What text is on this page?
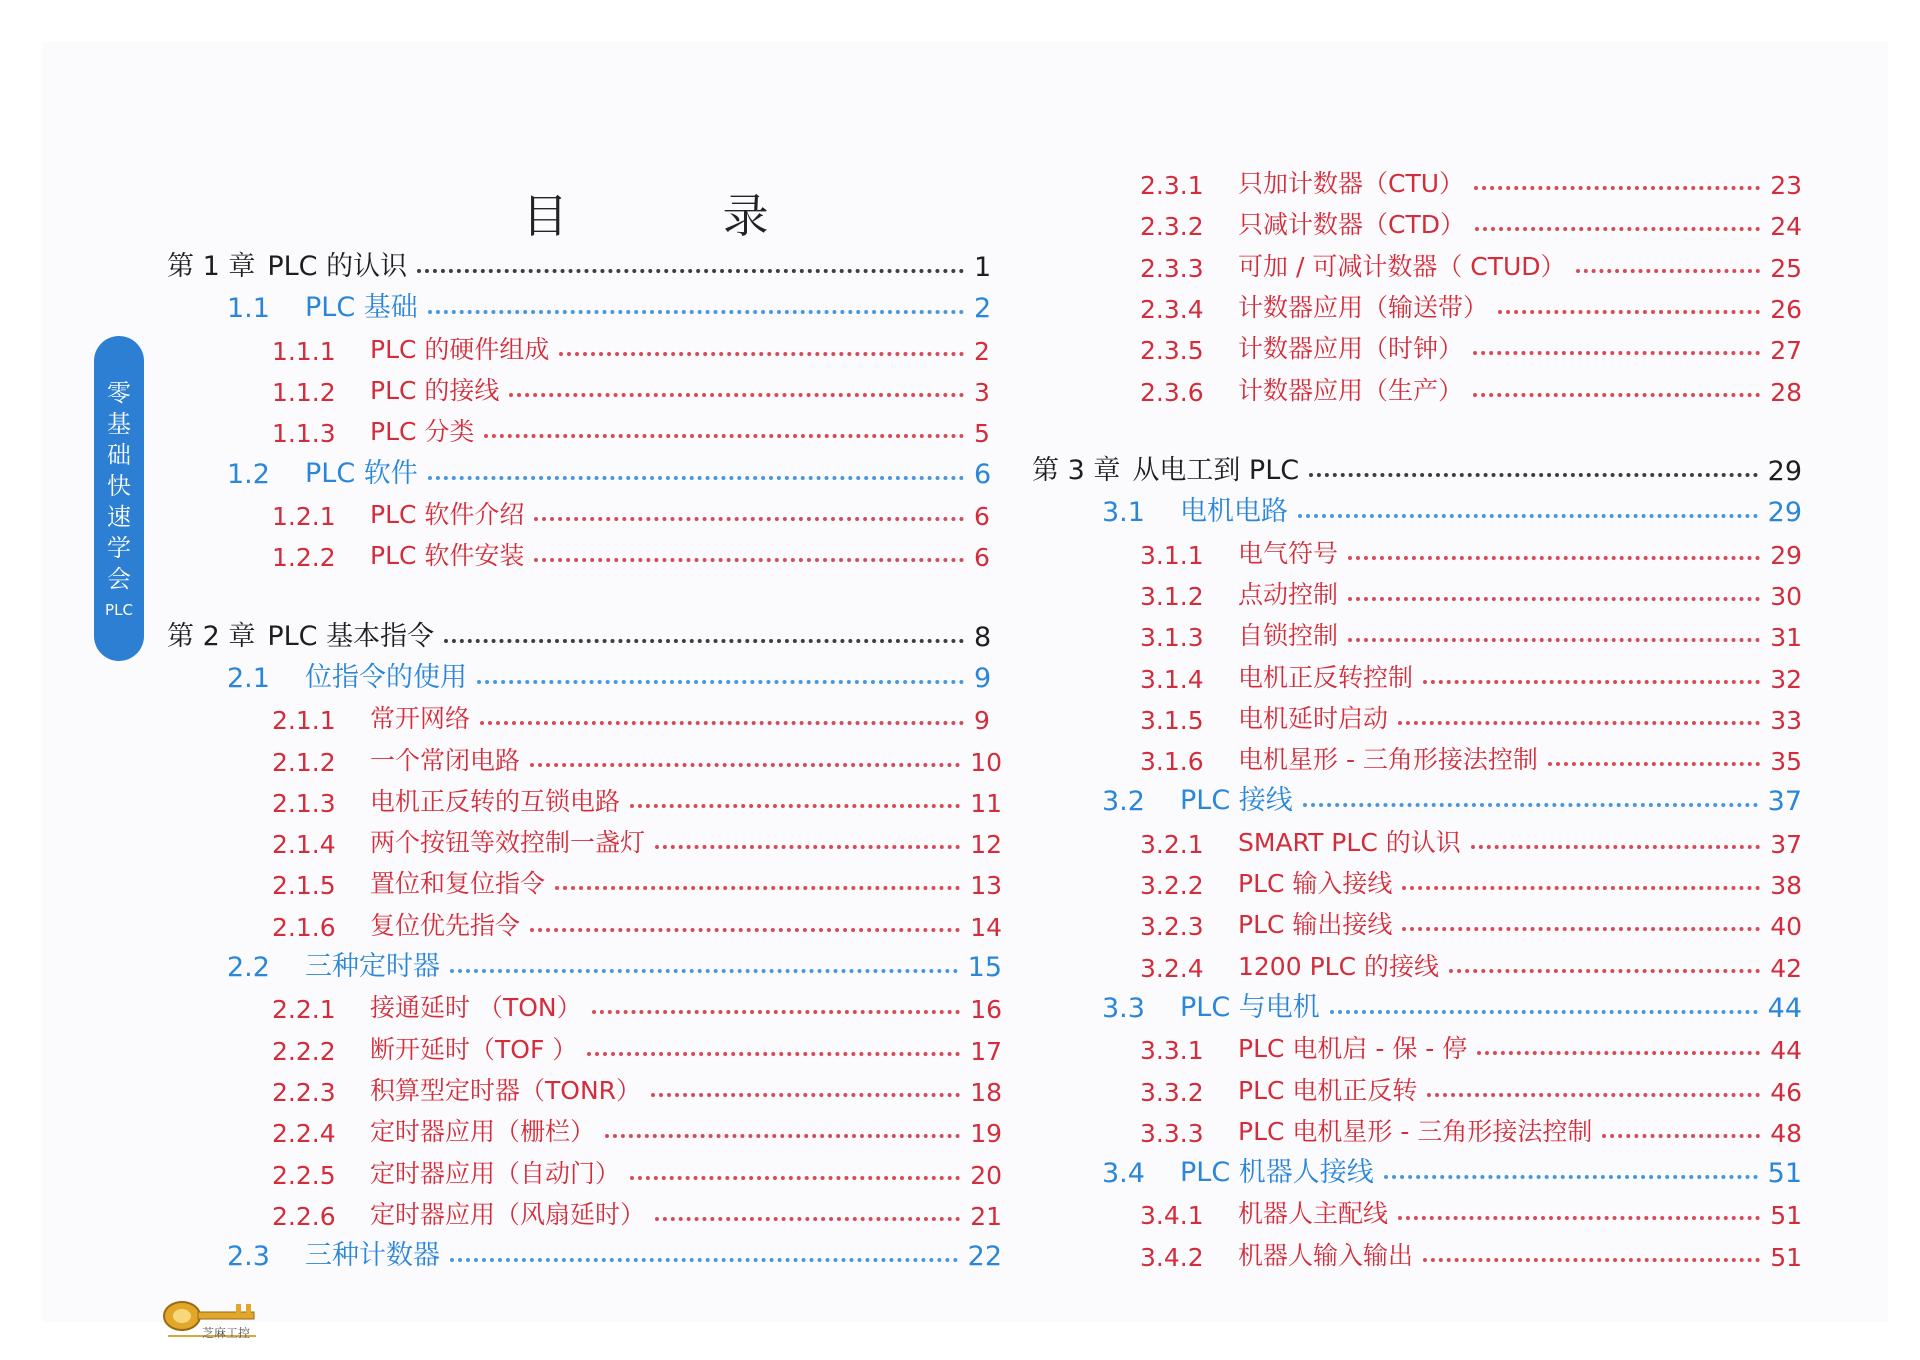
目 录
零
基
础
快
速
学
会
PLC
第 1 章 PLC 的认识	1
1.1	PLC 基础	2
1.1.1	PLC 的硬件组成	2
1.1.2	PLC 的接线	3
1.1.3	PLC 分类	5
1.2	PLC 软件	6
1.2.1	PLC 软件介绍	6
1.2.2	PLC 软件安装	6
第 2 章 PLC 基本指令	8
2.1	位指令的使用	9
2.1.1	常开网络	9
2.1.2	一个常闭电路	10
2.1.3	电机正反转的互锁电路	11
2.1.4	两个按钮等效控制一盏灯	12
2.1.5	置位和复位指令	13
2.1.6	复位优先指令	14
2.2	三种定时器	15
2.2.1	接通延时 （TON）	16
2.2.2	断开延时（TOF ）	17
2.2.3	积算型定时器（TONR）	18
2.2.4	定时器应用（栅栏）	19
2.2.5	定时器应用（自动门）	20
2.2.6	定时器应用（风扇延时）	21
2.3	三种计数器	22
2.3.1	只加计数器（CTU）	23
2.3.2	只减计数器（CTD）	24
2.3.3	可加 / 可减计数器（ CTUD）	25
2.3.4	计数器应用（输送带）	26
2.3.5	计数器应用（时钟）	27
2.3.6	计数器应用（生产）	28
第 3 章 从电工到 PLC	29
3.1	电机电路	29
3.1.1	电气符号	29
3.1.2	点动控制	30
3.1.3	自锁控制	31
3.1.4	电机正反转控制	32
3.1.5	电机延时启动	33
3.1.6	电机星形 - 三角形接法控制	35
3.2	PLC 接线	37
3.2.1	SMART PLC 的认识	37
3.2.2	PLC 输入接线	38
3.2.3	PLC 输出接线	40
3.2.4	1200 PLC 的接线	42
3.3	PLC 与电机	44
3.3.1	PLC 电机启 - 保 - 停	44
3.3.2	PLC 电机正反转	46
3.3.3	PLC 电机星形 - 三角形接法控制	48
3.4	PLC 机器人接线	51
3.4.1	机器人主配线	51
3.4.2	机器人输入输出	51
芝麻工控
